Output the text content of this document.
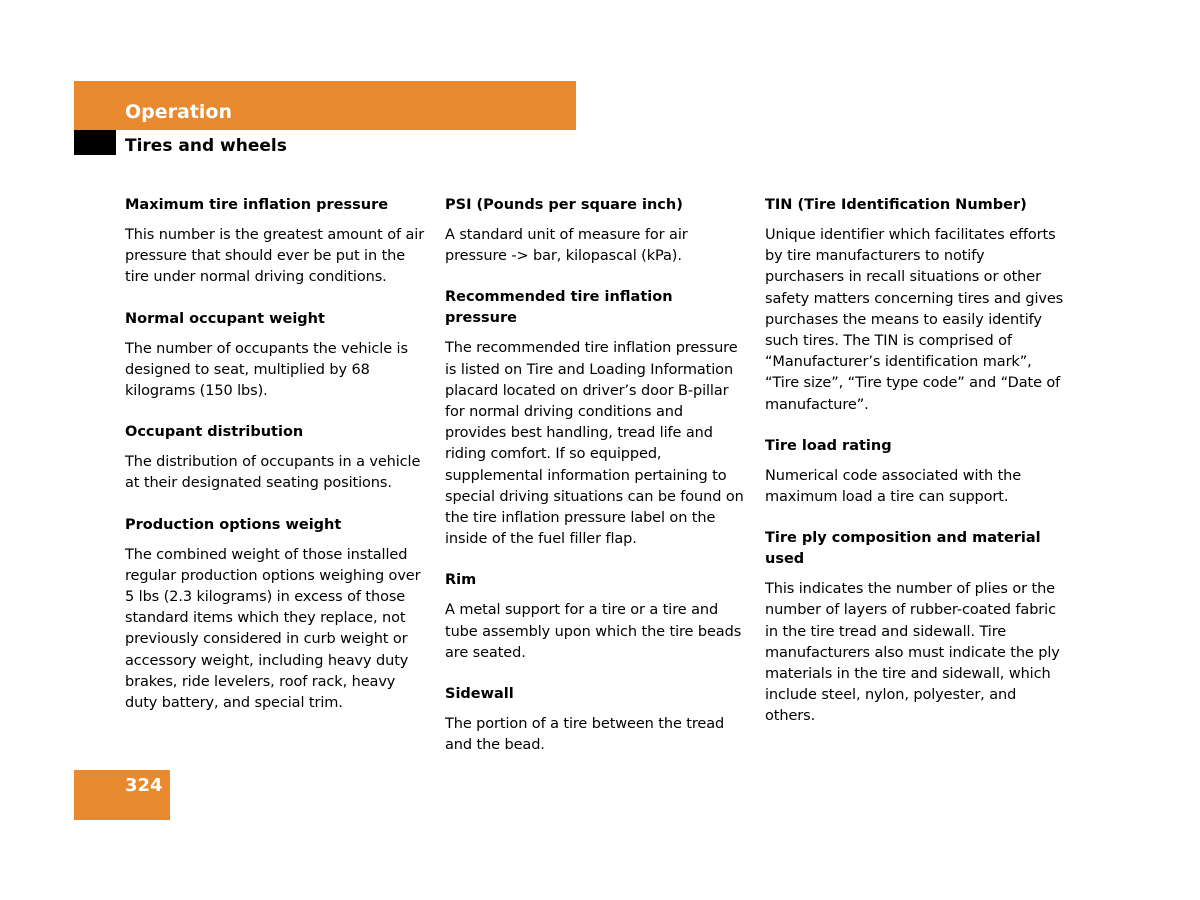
Operation
Tires and wheels

Maximum tire inflation pressure

This number is the greatest amount of air pressure that should ever be put in the tire under normal driving conditions.

Normal occupant weight

The number of occupants the vehicle is designed to seat, multiplied by 68 kilograms (150 lbs).

Occupant distribution

The distribution of occupants in a vehicle at their designated seating positions.

Production options weight

The combined weight of those installed regular production options weighing over 5 lbs (2.3 kilograms) in excess of those standard items which they replace, not previously considered in curb weight or accessory weight, including heavy duty brakes, ride levelers, roof rack, heavy duty battery, and special trim.

PSI (Pounds per square inch)

A standard unit of measure for air pressure -> bar, kilopascal (kPa).

Recommended tire inflation pressure

The recommended tire inflation pressure is listed on Tire and Loading Information placard located on driver’s door B-pillar for normal driving conditions and provides best handling, tread life and riding comfort. If so equipped, supplemental information pertaining to special driving situations can be found on the tire inflation pressure label on the inside of the fuel filler flap.

Rim

A metal support for a tire or a tire and tube assembly upon which the tire beads are seated.

Sidewall

The portion of a tire between the tread and the bead.

TIN (Tire Identification Number)

Unique identifier which facilitates efforts by tire manufacturers to notify purchasers in recall situations or other safety matters concerning tires and gives purchases the means to easily identify such tires. The TIN is comprised of “Manufacturer’s identification mark”, “Tire size”, “Tire type code” and “Date of manufacture”.

Tire load rating

Numerical code associated with the maximum load a tire can support.

Tire ply composition and material used

This indicates the number of plies or the number of layers of rubber-coated fabric in the tire tread and sidewall. Tire manufacturers also must indicate the ply materials in the tire and sidewall, which include steel, nylon, polyester, and others.

324
